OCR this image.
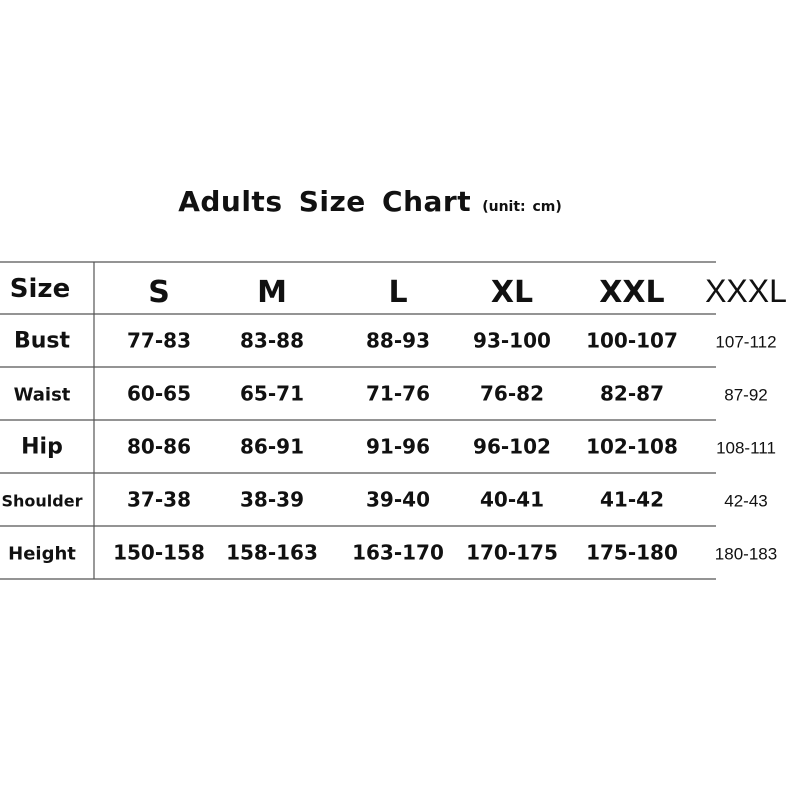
Adults Size Chart (unit: cm)
Size	S	M	L	XL XXL XXXL
Bust	77-83 83-88	88-93 93-100 100-107 107-112
Waist	60-65 65-71	71-76	76-82	82-87	87-92
Hip	80-86 86-91	91-96 96-102 102-108 108-111
Shoulder 37-38 38-39	39-40	40-41	41-42	42-43
Height 150-158 158-163 163-170 170-175 175-180 180-183
